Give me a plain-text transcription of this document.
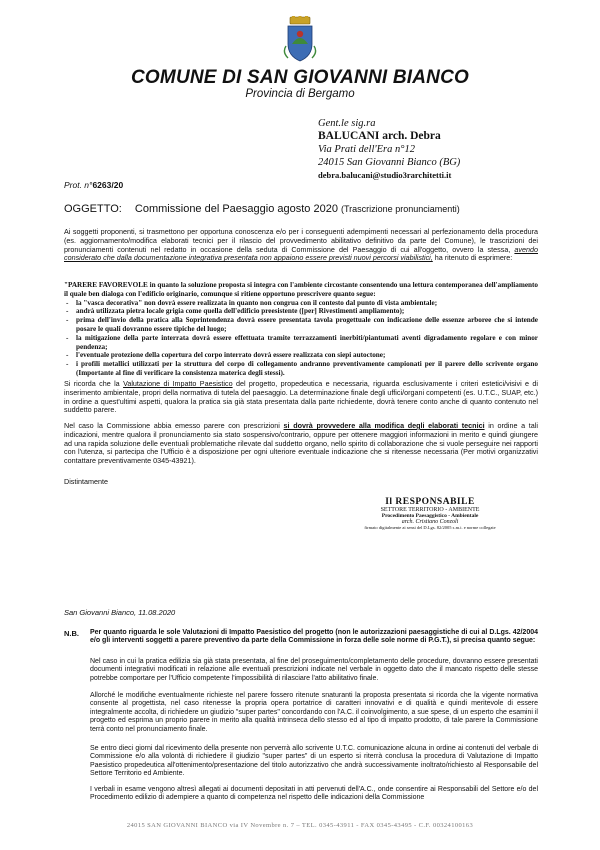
COMUNE DI SAN GIOVANNI BIANCO
Provincia di Bergamo
Gent.le sig.ra
BALUCANI arch. Debra
Via Prati dell'Era n°12
24015 San Giovanni Bianco (BG)
debra.balucani@studio3rarchitetti.it
Prot. n°6263/20
OGGETTO: Commissione del Paesaggio agosto 2020 (Trascrizione pronunciamenti)
Ai soggetti proponenti, si trasmettono per opportuna conoscenza e/o per i conseguenti adempimenti necessari al perfezionamento della procedura (es. aggiornamento/modifica elaborati tecnici per il rilascio del provvedimento abilitativo definitivo da parte del Comune), le trascrizioni dei pronunciamenti contenuti nel redatto in occasione della seduta di Commissione del Paesaggio di cui all'oggetto, ovvero la stessa, avendo considerato che dalla documentazione integrativa presentata non appaiono essere previsti nuovi percorsi viabilistici, ha ritenuto di esprimere:
"PARERE FAVOREVOLE in quanto la soluzione proposta si integra con l'ambiente circostante consentendo una lettura contemporanea dell'ampliamento il quale ben dialoga con l'edificio originario, comunque si ritiene opportuno prescrivere quanto segue:
- la "vasca decorativa" non dovrà essere realizzata in quanto non congrua con il contesto dal punto di vista ambientale;
- andrà utilizzata pietra locale grigia come quella dell'edificio preesistente ([per] Rivestimenti ampliamento);
- prima dell'invio della pratica alla Soprintendenza dovrà essere presentata tavola progettuale con indicazione delle essenze arboree che si intende posare le quali dovranno essere tipiche del luogo;
- la mitigazione della parte interrata dovrà essere effettuata tramite terrazzamenti inerbiti/piantumati aventi digradamento regolare e con minor pendenza;
- l'eventuale protezione della copertura del corpo interrato dovrà essere realizzata con siepi autoctone;
- i profili metallici utilizzati per la struttura del corpo di collegamento andranno preventivamente campionati per il parere dello scrivente organo (Importante al fine di verificare la consistenza materica degli stessi).
Si ricorda che la Valutazione di Impatto Paesistico del progetto, propedeutica e necessaria, riguarda esclusivamente i criteri estetici/visivi e di inserimento ambientale, propri della normativa di tutela del paesaggio. La determinazione finale degli uffici/organi competenti (es. U.T.C., SUAP, etc.) in ordine a quest'ultimi aspetti, qualora la pratica sia già stata presentata dalla parte richiedente, dovrà tenere conto anche di quanto contenuto nel suddetto parere.
Nel caso la Commissione abbia emesso parere con prescrizioni si dovrà provvedere alla modifica degli elaborati tecnici in ordine a tali indicazioni, mentre qualora il pronunciamento sia stato sospensivo/contrario, oppure per ottenere maggiori informazioni in merito e quindi giungere ad una rapida soluzione delle eventuali problematiche rilevate dal suddetto organo, nello spirito di collaborazione che si vuole perseguire nei rapporti con l'utenza, si partecipa che l'Ufficio è a disposizione per ogni ulteriore eventuale indicazione che si ritenesse necessaria (Per motivi organizzativi contattare preventivamente 0345-43921).
Distintamente
Il RESPONSABILE
SETTORE TERRITORIO - AMBIENTE
Procedimento Paesaggistico - Ambientale
arch. Cristiano Conzoli
firmato digitalmente ai sensi del D.Lgs. 82/2005 s.m.i. e norme collegate
San Giovanni Bianco, 11.08.2020
N.B. Per quanto riguarda le sole Valutazioni di Impatto Paesistico del progetto (non le autorizzazioni paesaggistiche di cui al D.Lgs. 42/2004 e/o gli interventi soggetti a parere preventivo da parte della Commissione in forza delle sole norme di P.G.T.), si precisa quanto segue:
Nel caso in cui la pratica edilizia sia già stata presentata, al fine del proseguimento/completamento delle procedure, dovranno essere presentati documenti integrativi modificati in relazione alle eventuali prescrizioni indicate nel verbale in oggetto dato che il mancato rispetto delle stesse potrebbe comportare per l'Ufficio competente l'impossibilità di rilasciare l'atto abilitativo finale.
Allorché le modifiche eventualmente richieste nel parere fossero ritenute snaturanti la proposta presentata si ricorda che la vigente normativa consente al progettista, nel caso ritenesse la propria opera portatrice di caratteri innovativi e di qualità e quindi meritevole di essere integralmente accolta, di richiedere un giudizio "super partes" concordando con l'A.C. il coinvolgimento, a sue spese, di un esperto che esamini il progetto ed esprima un proprio parere in merito alla qualità intrinseca dello stesso ed al tipo di impatto prodotto, di tale parere la Commissione terrà conto nel pronunciamento finale.
Se entro dieci giorni dal ricevimento della presente non perverrà allo scrivente U.T.C. comunicazione alcuna in ordine ai contenuti del verbale di Commissione e/o alla volontà di richiedere il giudizio "super partes" di un esperto si riterrà conclusa la procedura di Valutazione di Impatto Paesistico propedeutica all'ottenimento/presentazione del titolo autorizzativo che andrà successivamente inoltrato/richiesto al Responsabile del Settore Territorio ed Ambiente.
I verbali in esame vengono altresì allegati ai documenti depositati in atti pervenuti dell'A.C., onde consentire ai Responsabili del Settore e/o del Procedimento edilizio di adempiere a quanto di competenza nel rispetto delle indicazioni della Commissione
24015 SAN GIOVANNI BIANCO via IV Novembre n. 7 – TEL. 0345-43911 - FAX 0345-43495 - C.F. 00324100163
